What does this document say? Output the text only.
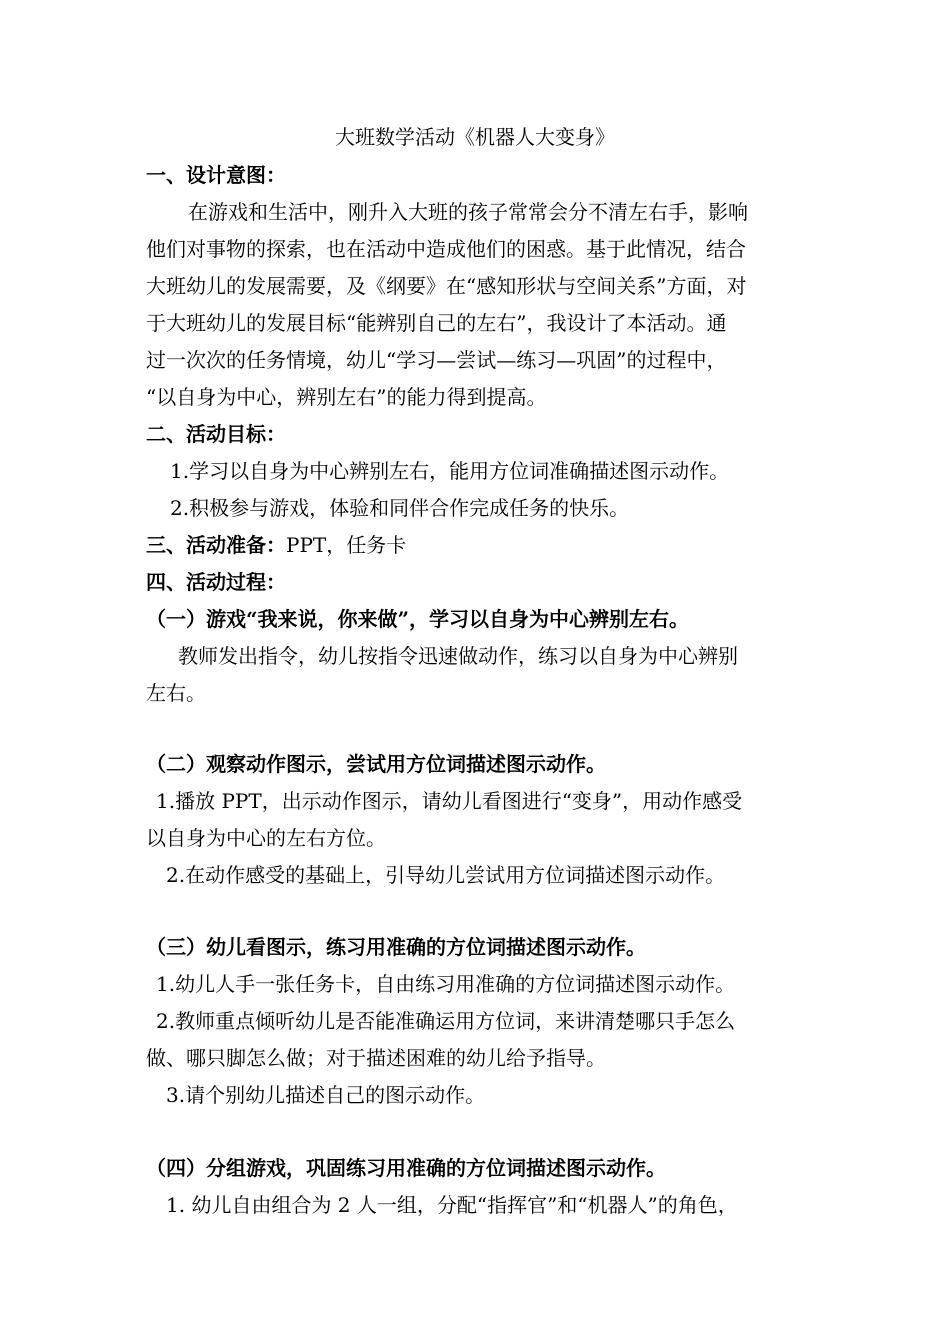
大班数学活动《机器人大变身》
一、设计意图：
在游戏和生活中，刚升入大班的孩子常常会分不清左右手，影响
他们对事物的探索，也在活动中造成他们的困惑。基于此情况，结合
大班幼儿的发展需要，及《纲要》在“感知形状与空间关系”方面，对
于大班幼儿的发展目标“能辨别自己的左右”，我设计了本活动。通
过一次次的任务情境，幼儿“学习—尝试—练习—巩固”的过程中，
“以自身为中心，辨别左右”的能力得到提高。
二、活动目标：
1.学习以自身为中心辨别左右，能用方位词准确描述图示动作。
2.积极参与游戏，体验和同伴合作完成任务的快乐。
三、活动准备：PPT，任务卡
四、活动过程：
（一）游戏“我来说，你来做”，学习以自身为中心辨别左右。
教师发出指令，幼儿按指令迅速做动作，练习以自身为中心辨别
左右。
（二）观察动作图示，尝试用方位词描述图示动作。
1.播放 PPT，出示动作图示，请幼儿看图进行“变身”，用动作感受
以自身为中心的左右方位。
2.在动作感受的基础上，引导幼儿尝试用方位词描述图示动作。
（三）幼儿看图示，练习用准确的方位词描述图示动作。
1.幼儿人手一张任务卡，自由练习用准确的方位词描述图示动作。
2.教师重点倾听幼儿是否能准确运用方位词，来讲清楚哪只手怎么
做、哪只脚怎么做；对于描述困难的幼儿给予指导。
3.请个别幼儿描述自己的图示动作。
（四）分组游戏，巩固练习用准确的方位词描述图示动作。
1. 幼儿自由组合为 2 人一组，分配“指挥官”和“机器人”的角色，
